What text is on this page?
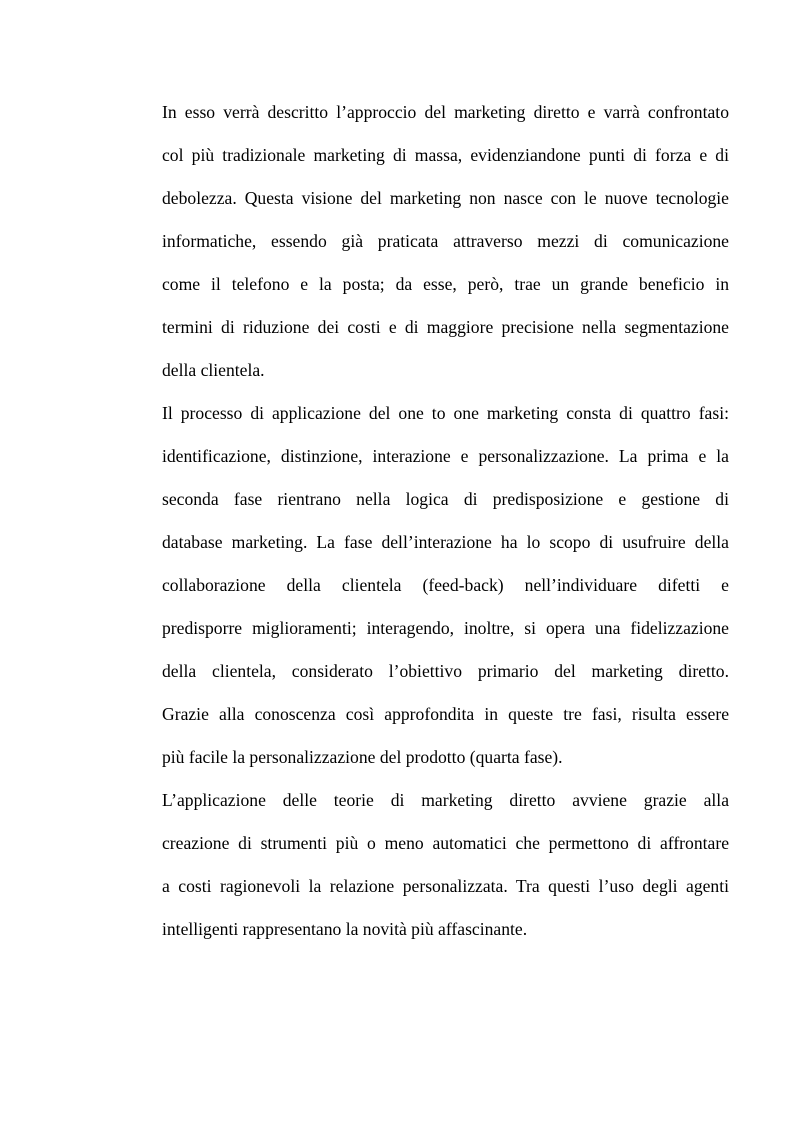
In esso verrà descritto l’approccio del marketing diretto e varrà confrontato
col più tradizionale marketing di massa, evidenziandone punti di forza e di
debolezza. Questa visione del marketing non nasce con le nuove tecnologie
informatiche, essendo già praticata attraverso mezzi di comunicazione
come il telefono e la posta; da esse, però, trae un grande beneficio in
termini di riduzione dei costi e di maggiore precisione nella segmentazione
della clientela.
Il processo di applicazione del one to one marketing consta di quattro fasi:
identificazione, distinzione, interazione e personalizzazione. La prima e la
seconda fase rientrano nella logica di predisposizione e gestione di
database marketing. La fase dell’interazione ha lo scopo di usufruire della
collaborazione della clientela (feed-back) nell’individuare difetti e
predisporre miglioramenti; interagendo, inoltre, si opera una fidelizzazione
della clientela, considerato l’obiettivo primario del marketing diretto.
Grazie alla conoscenza così approfondita in queste tre fasi, risulta essere
più facile la personalizzazione del prodotto (quarta fase).
L’applicazione delle teorie di marketing diretto avviene grazie alla
creazione di strumenti più o meno automatici che permettono di affrontare
a costi ragionevoli la relazione personalizzata. Tra questi l’uso degli agenti
intelligenti rappresentano la novità più affascinante.
